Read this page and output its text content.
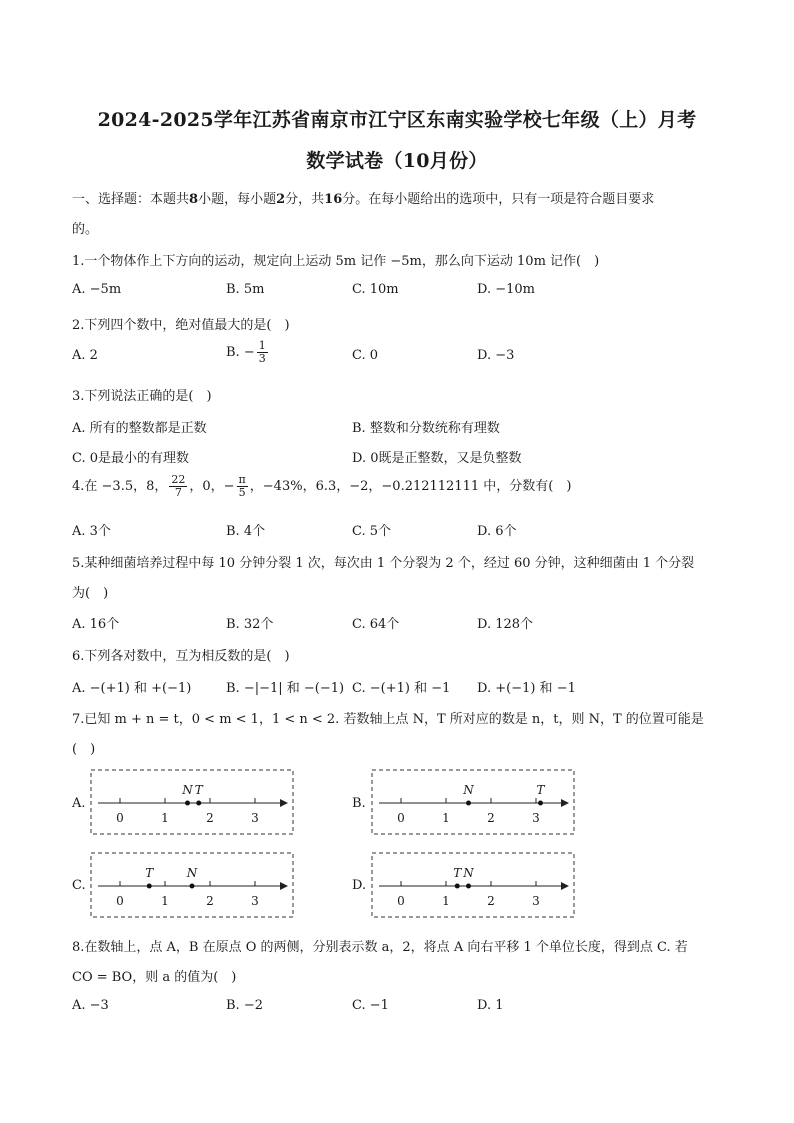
2024-2025学年江苏省南京市江宁区东南实验学校七年级（上）月考
数学试卷（10月份）
一、选择题：本题共8小题，每小题2分，共16分。在每小题给出的选项中，只有一项是符合题目要求
的。
1.一个物体作上下方向的运动，规定向上运动 5m 记作 −5m，那么向下运动 10m 记作(　)
A. −5m	B. 5m	C. 10m	D. −10m
2.下列四个数中，绝对值最大的是(　)
A. 2	B. − $\frac{1}{3}$	C. 0	D. −3
3.下列说法正确的是(　)
A. 所有的整数都是正数	B. 整数和分数统称有理数
C. 0是最小的有理数	D. 0既是正整数，又是负整数
4.在 −3.5，8， $\frac{22}{7}$ ，0，− $\frac{\pi}{5}$ ，−43%，6.3，−2，−0.212112111 中，分数有(　)
A. 3个	B. 4个	C. 5个	D. 6个
5.某种细菌培养过程中每 10 分钟分裂 1 次，每次由 1 个分裂为 2 个，经过 60 分钟，这种细菌由 1 个分裂
为(　)
A. 16个	B. 32个	C. 64个	D. 128个
6.下列各对数中，互为相反数的是(　)
A. −(+1) 和 +(−1)	B. −|−1| 和 −(−1) C. −(+1) 和 −1 D. +(−1) 和 −1
7.已知 m + n = t，0 < m < 1，1 < n < 2. 若数轴上点 N，T 所对应的数是 n，t，则 N，T 的位置可能是
(　)
A.	B.
C.	D.
0	1	2	3
N T
0	1	2	3
N	T
0	1	2	3
N
T
0	1	2	3
N
T
8.在数轴上，点 A，B 在原点 O 的两侧，分别表示数 a，2，将点 A 向右平移 1 个单位长度，得到点 C. 若
CO = BO，则 a 的值为(　)
A. −3	B. −2	C. −1	D. 1
